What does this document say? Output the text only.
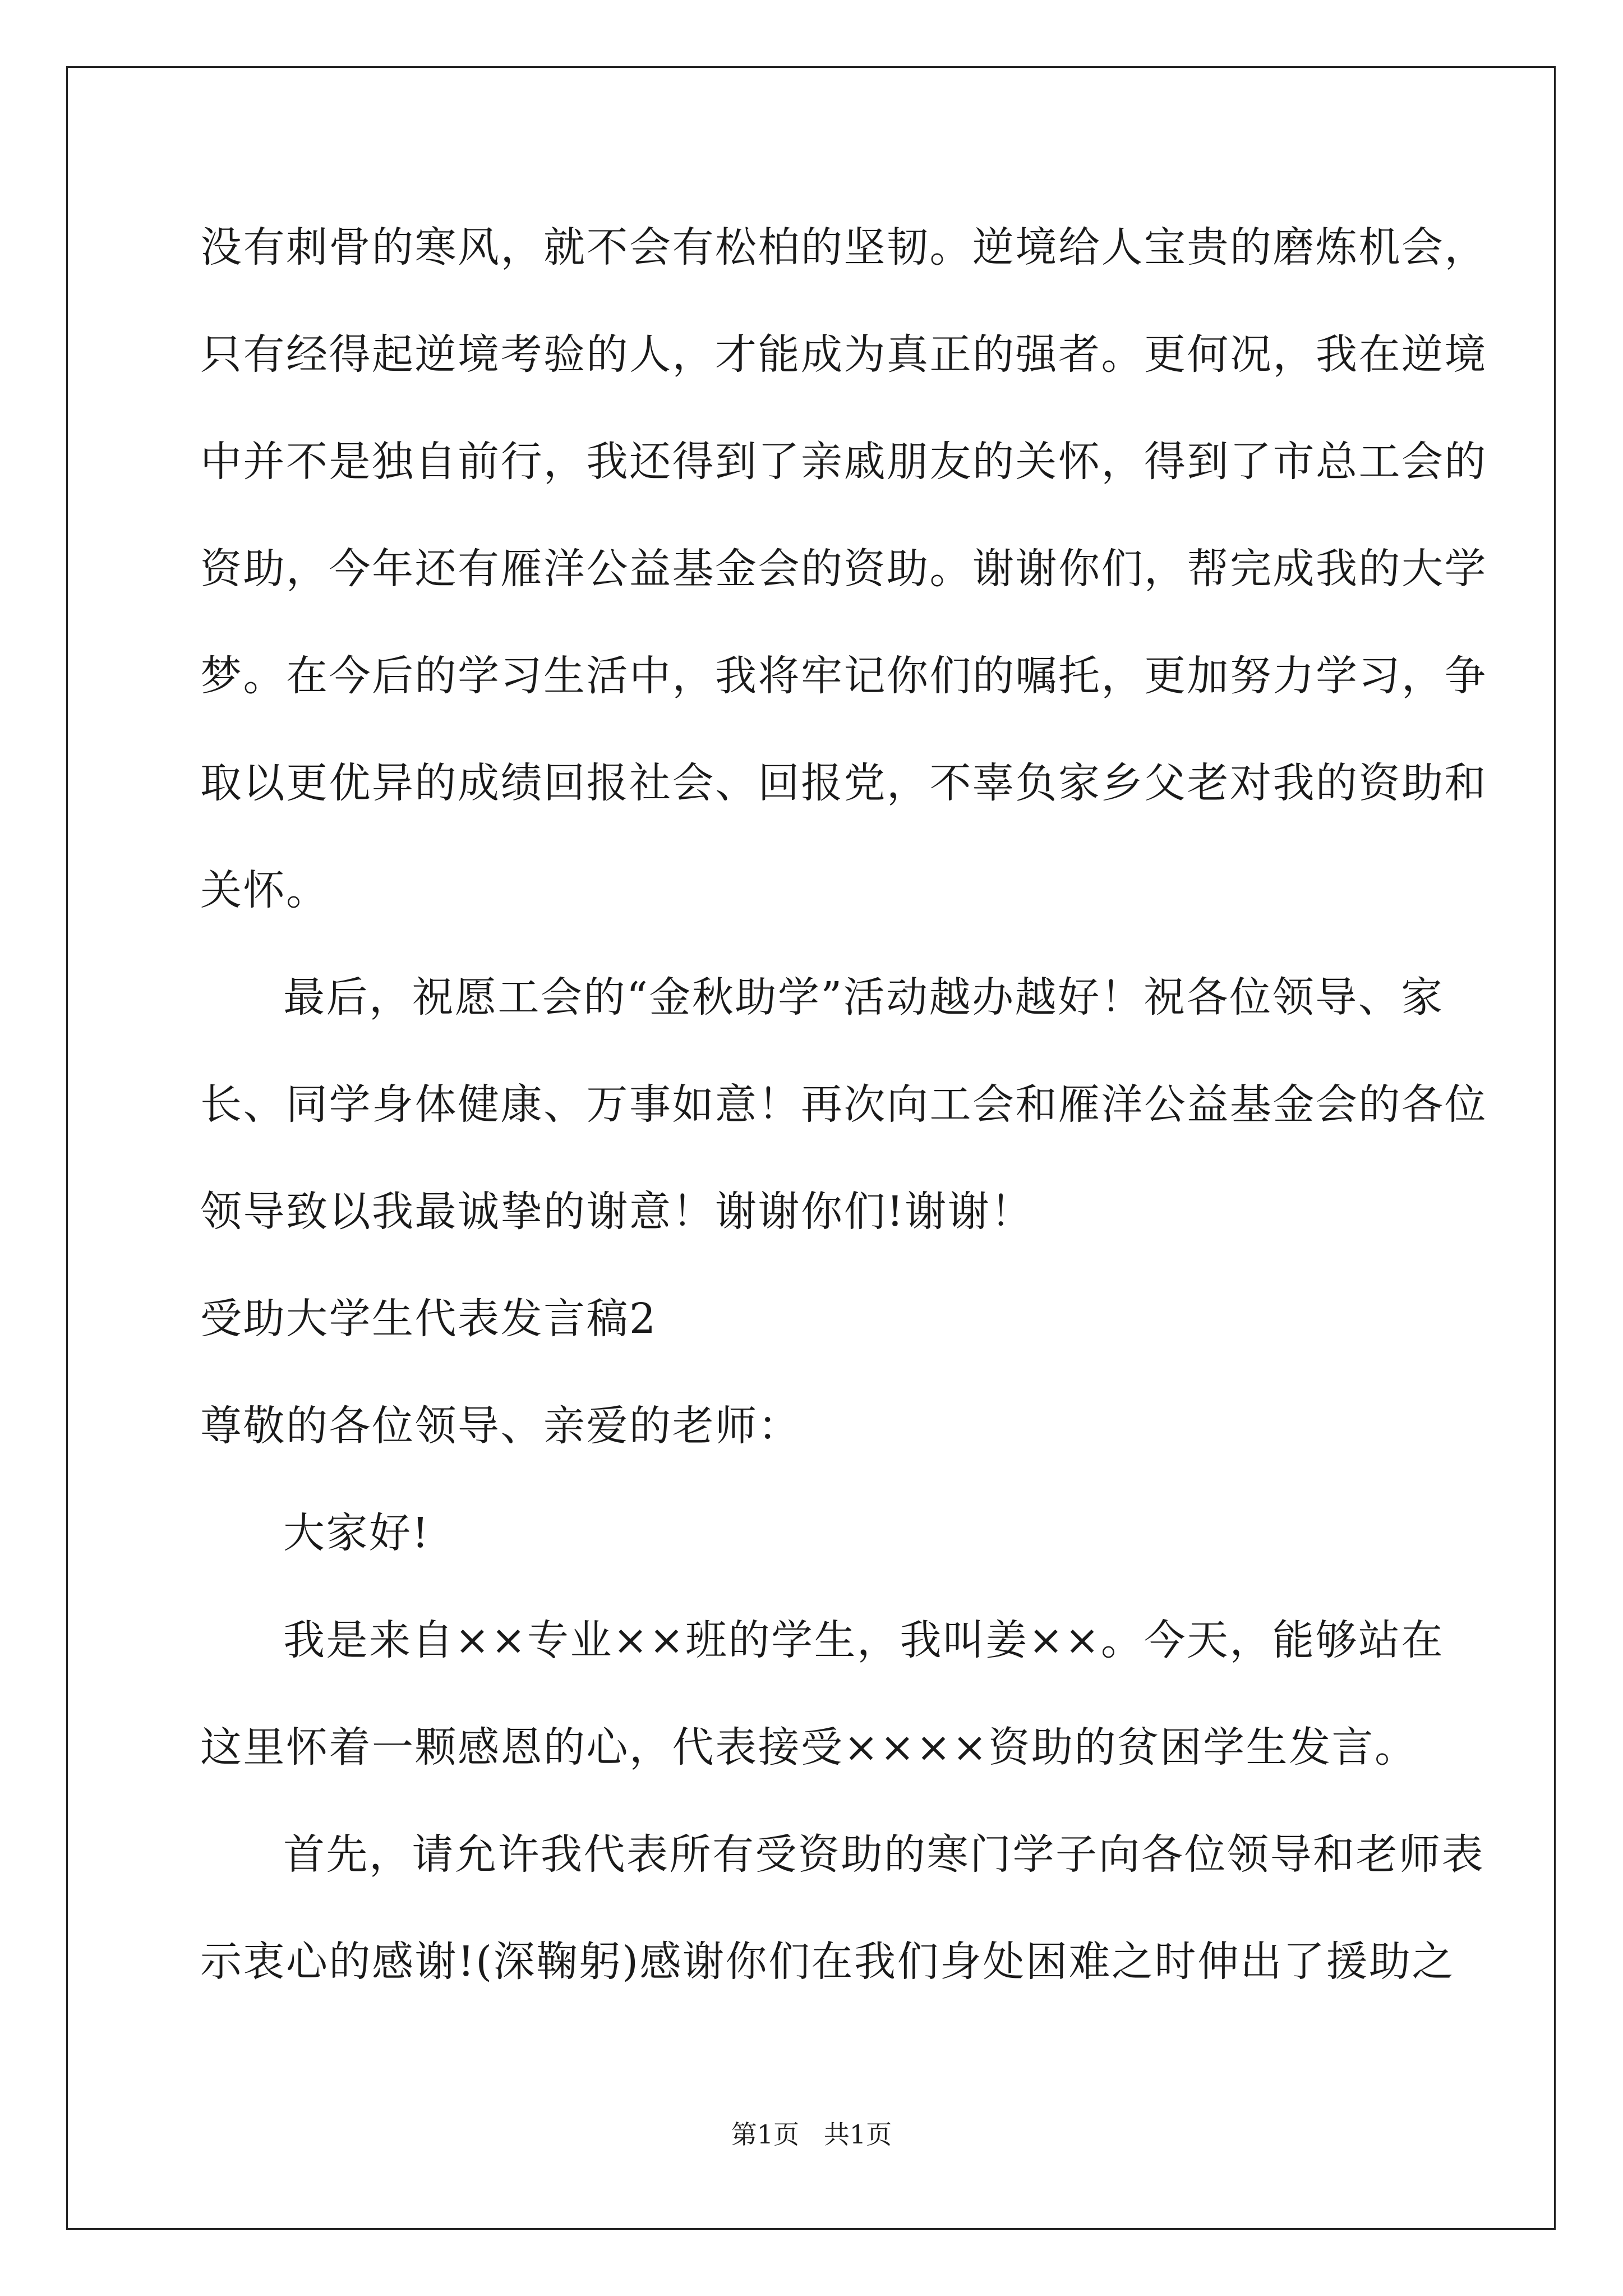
没有刺骨的寒风，就不会有松柏的坚韧。逆境给人宝贵的磨炼机会，
只有经得起逆境考验的人，才能成为真正的强者。更何况，我在逆境
中并不是独自前行，我还得到了亲戚朋友的关怀，得到了市总工会的
资助，今年还有雁洋公益基金会的资助。谢谢你们，帮完成我的大学
梦。在今后的学习生活中，我将牢记你们的嘱托，更加努力学习，争
取以更优异的成绩回报社会、回报党，不辜负家乡父老对我的资助和
关怀。
最后，祝愿工会的“金秋助学”活动越办越好！祝各位领导、家
长、同学身体健康、万事如意！再次向工会和雁洋公益基金会的各位
领导致以我最诚挚的谢意！谢谢你们!谢谢！
受助大学生代表发言稿2
尊敬的各位领导、亲爱的老师：
大家好!
我是来自××专业××班的学生，我叫姜××。今天，能够站在
这里怀着一颗感恩的心，代表接受××××资助的贫困学生发言。
首先，请允许我代表所有受资助的寒门学子向各位领导和老师表
示衷心的感谢!(深鞠躬)感谢你们在我们身处困难之时伸出了援助之
第1页   共1页
